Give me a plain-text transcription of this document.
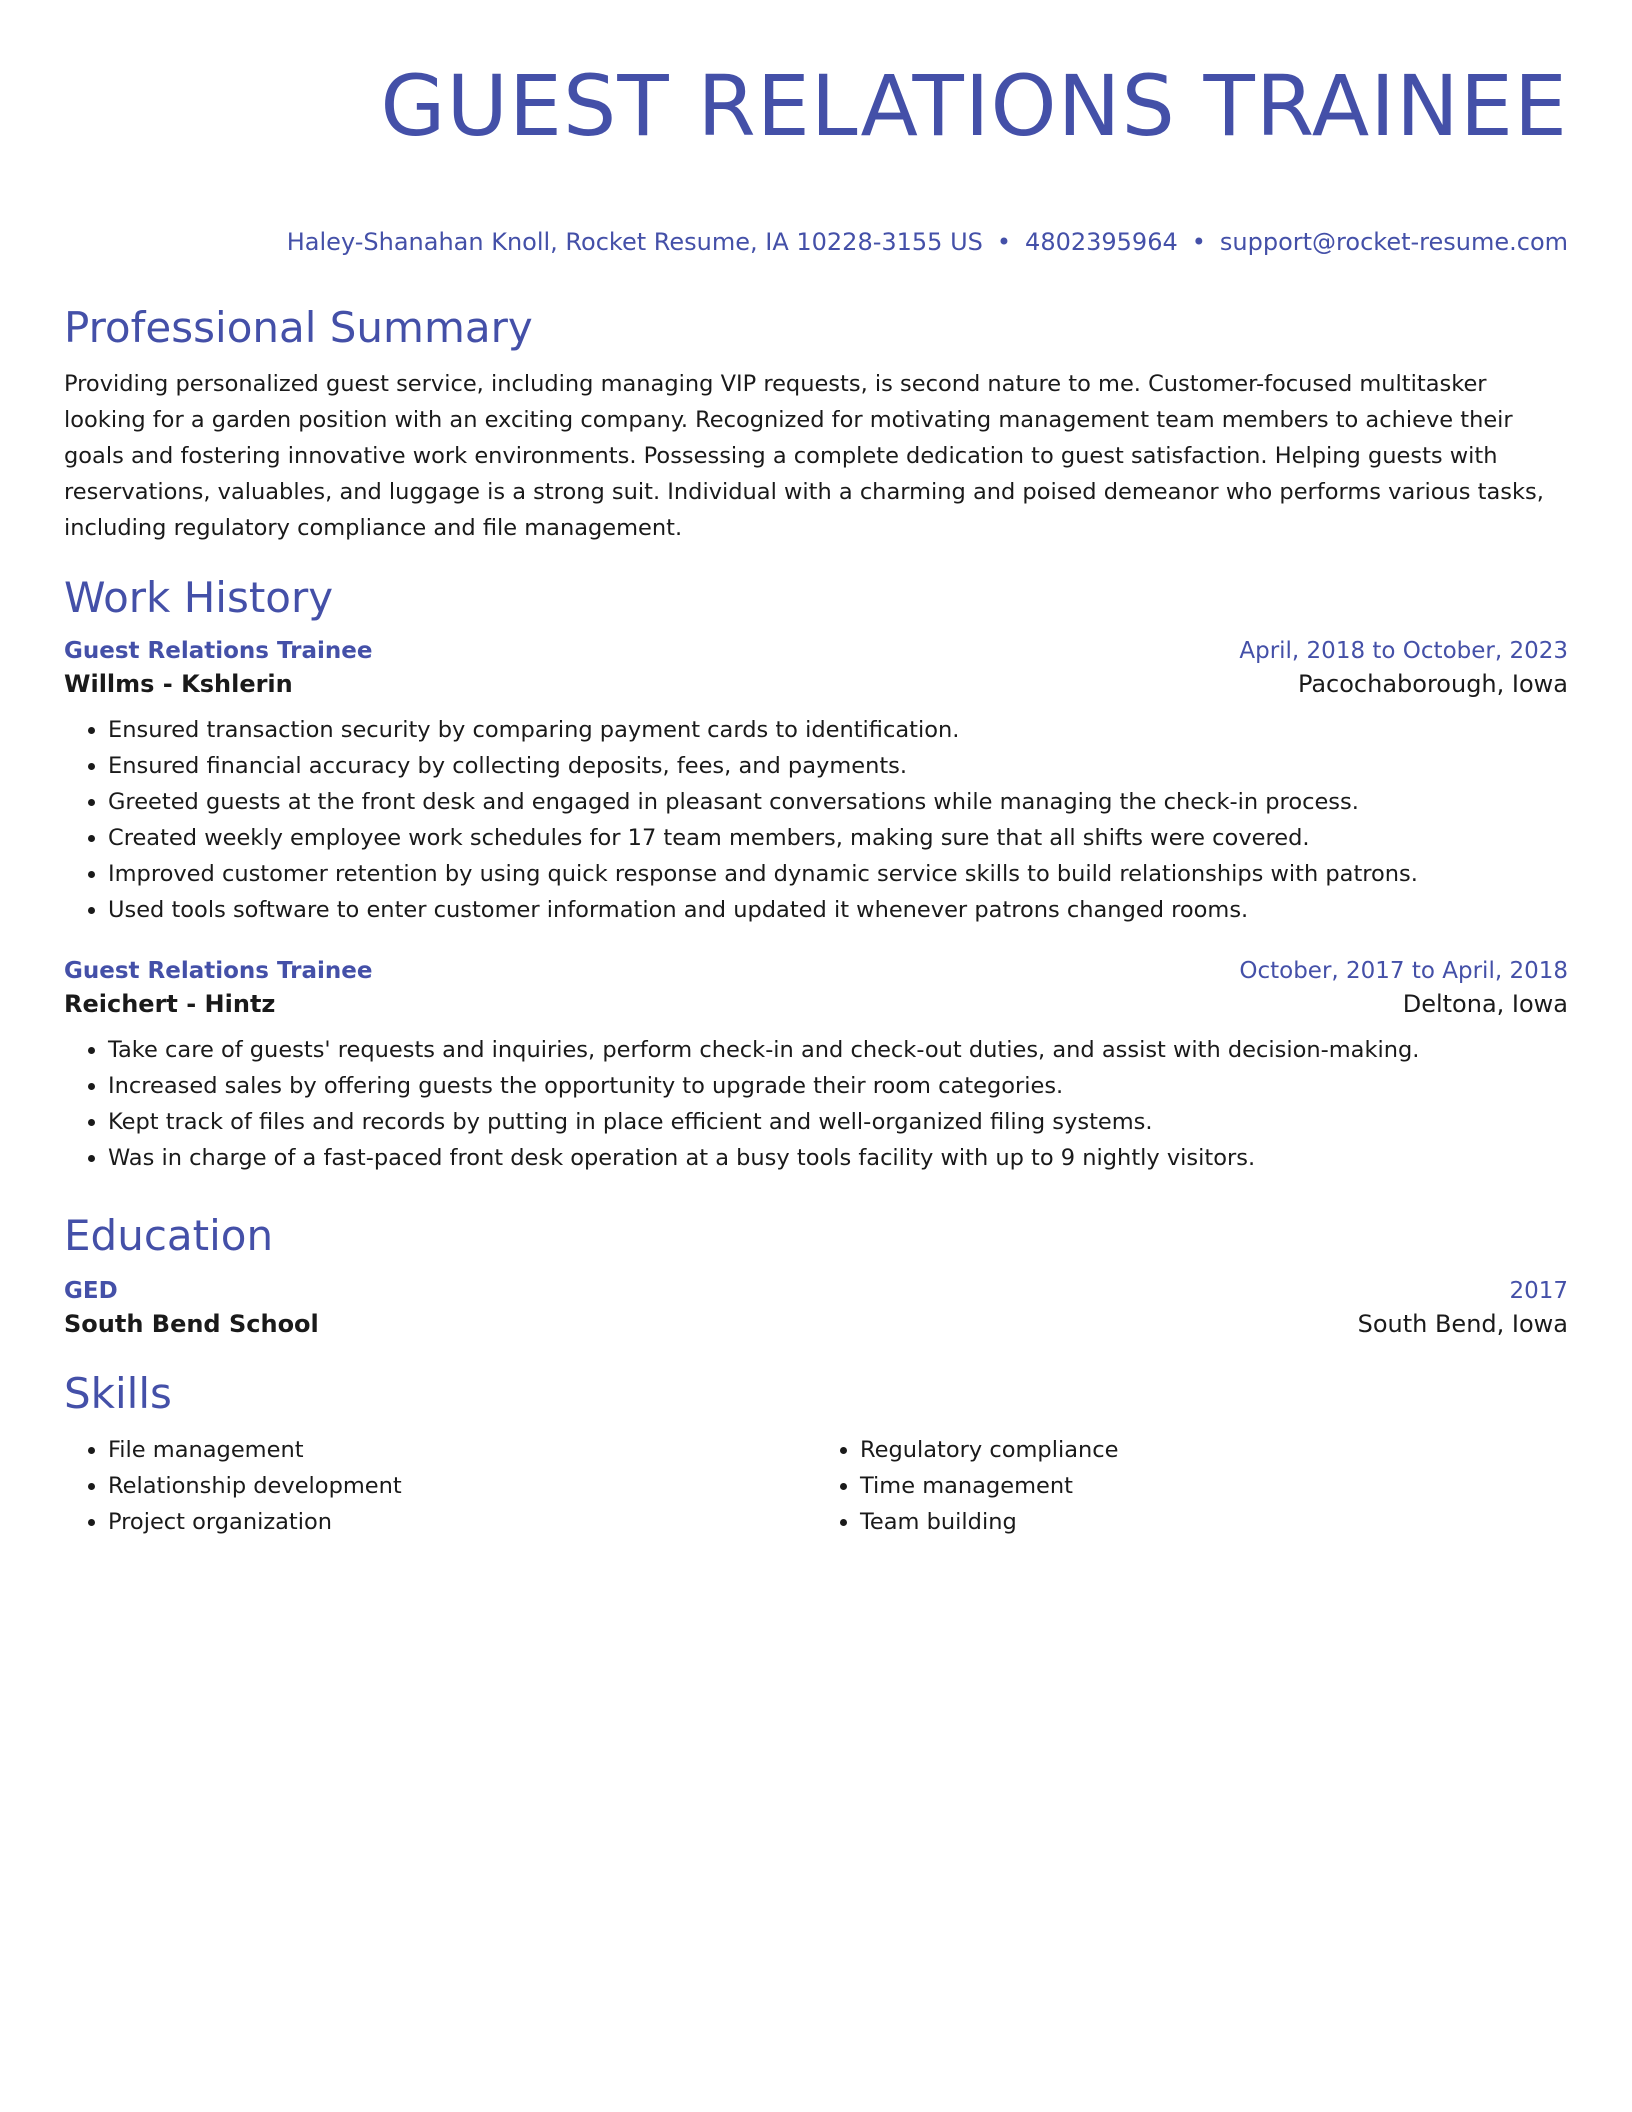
GUEST RELATIONS TRAINEE
Haley-Shanahan Knoll, Rocket Resume, IA 10228-3155 US • 4802395964 • support@rocket-resume.com
Professional Summary

Providing personalized guest service, including managing VIP requests, is second nature to me. Customer-focused multitasker looking for a garden position with an exciting company. Recognized for motivating management team members to achieve their goals and fostering innovative work environments. Possessing a complete dedication to guest satisfaction. Helping guests with reservations, valuables, and luggage is a strong suit. Individual with a charming and poised demeanor who performs various tasks, including regulatory compliance and file management.

Work History
Guest Relations Trainee	April, 2018 to October, 2023
Willms - Kshlerin	Pacochaborough, Iowa
• Ensured transaction security by comparing payment cards to identification.
• Ensured financial accuracy by collecting deposits, fees, and payments.
• Greeted guests at the front desk and engaged in pleasant conversations while managing the check-in process.
• Created weekly employee work schedules for 17 team members, making sure that all shifts were covered.
• Improved customer retention by using quick response and dynamic service skills to build relationships with patrons.
• Used tools software to enter customer information and updated it whenever patrons changed rooms.
Guest Relations Trainee	October, 2017 to April, 2018
Reichert - Hintz	Deltona, Iowa
• Take care of guests' requests and inquiries, perform check-in and check-out duties, and assist with decision-making.
• Increased sales by offering guests the opportunity to upgrade their room categories.
• Kept track of files and records by putting in place efficient and well-organized filing systems.
• Was in charge of a fast-paced front desk operation at a busy tools facility with up to 9 nightly visitors.
Education
GED	2017
South Bend School	South Bend, Iowa
Skills
• File management
• Relationship development
• Project organization
• Regulatory compliance
• Time management
• Team building
